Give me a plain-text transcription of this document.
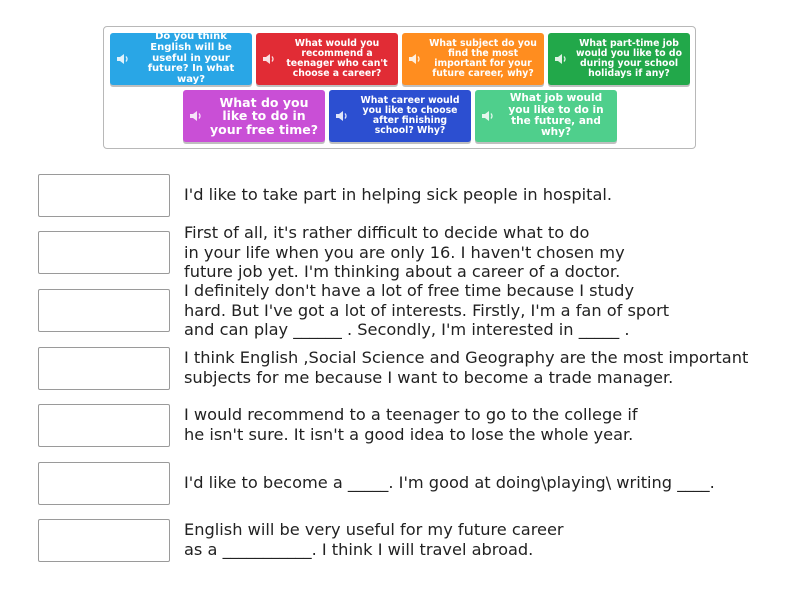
Do you think English will be useful in your future? In what way?
What would you recommend a teenager who can't choose a career?
What subject do you find the most important for your future career, why?
What part-time job would you like to do during your school holidays if any?
What do you like to do in your free time?
What career would you like to choose after finishing school? Why?
What job would you like to do in the future, and why?
I'd like to take part in helping sick people in hospital.
First of all, it's rather difficult to decide what to do
in your life when you are only 16. I haven't chosen my
future job yet. I'm thinking about a career of a doctor.
I definitely don't have a lot of free time because I study
hard. But I've got a lot of interests. Firstly, I'm a fan of sport
and can play ______ . Secondly, I'm interested in _____ .
I think English ,Social Science and Geography are the most important
subjects for me because I want to become a trade manager.
I would recommend to a teenager to go to the college if
he isn't sure. It isn't a good idea to lose the whole year.
I'd like to become a _____. I'm good at doing\playing\ writing ____.
English will be very useful for my future career
as a ___________. I think I will travel abroad.
